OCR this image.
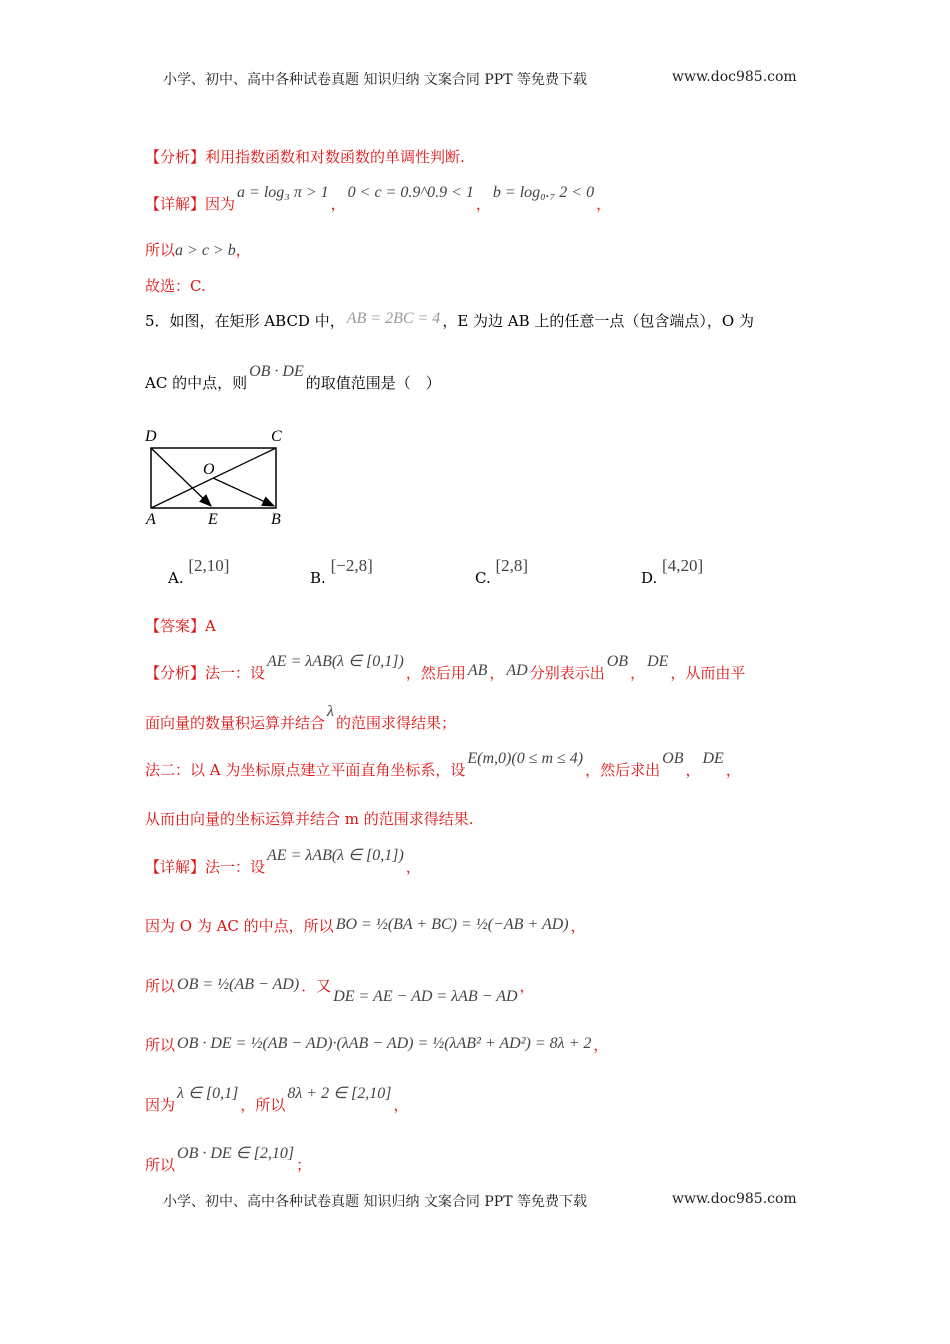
小学、初中、高中各种试卷真题 知识归纳 文案合同 PPT 等免费下载	www.doc985.com
【分析】利用指数函数和对数函数的单调性判断.
【详解】因为a = log₃ π > 1，0 < c = 0.9^0.9 < 1，b = log₀.₇ 2 < 0，
所以a > c > b，
故选：C.
5．如图，在矩形 ABCD 中， AB = 2BC = 4 ，E 为边 AB 上的任意一点（包含端点），O 为
AC 的中点，则OB · DE的取值范围是（　）
D	C
O
A	E	B
A. [2,10]
B. [−2,8]
C. [2,8]
D. [4,20]
【答案】A
【分析】法一：设AE = λAB(λ ∈ [0,1])，然后用 AB ， AD 分别表示出OB，DE，从而由平
面向量的数量积运算并结合λ的范围求得结果；
法二：以 A 为坐标原点建立平面直角坐标系，设E(m,0)(0 ≤ m ≤ 4)，然后求出OB，DE，
从而由向量的坐标运算并结合 m 的范围求得结果.
【详解】法一：设AE = λAB(λ ∈ [0,1])，
因为 O 为 AC 的中点，所以 BO = ½(BA + BC) = ½(−AB + AD) ，
所以 OB = ½(AB − AD) ．又DE = AE − AD = λAB − AD，
所以 OB · DE = ½(AB − AD)·(λAB − AD) = ½(λAB² + AD²) = 8λ + 2 ，
因为λ ∈ [0,1]，所以8λ + 2 ∈ [2,10]，
所以OB · DE ∈ [2,10]；
小学、初中、高中各种试卷真题 知识归纳 文案合同 PPT 等免费下载	www.doc985.com
